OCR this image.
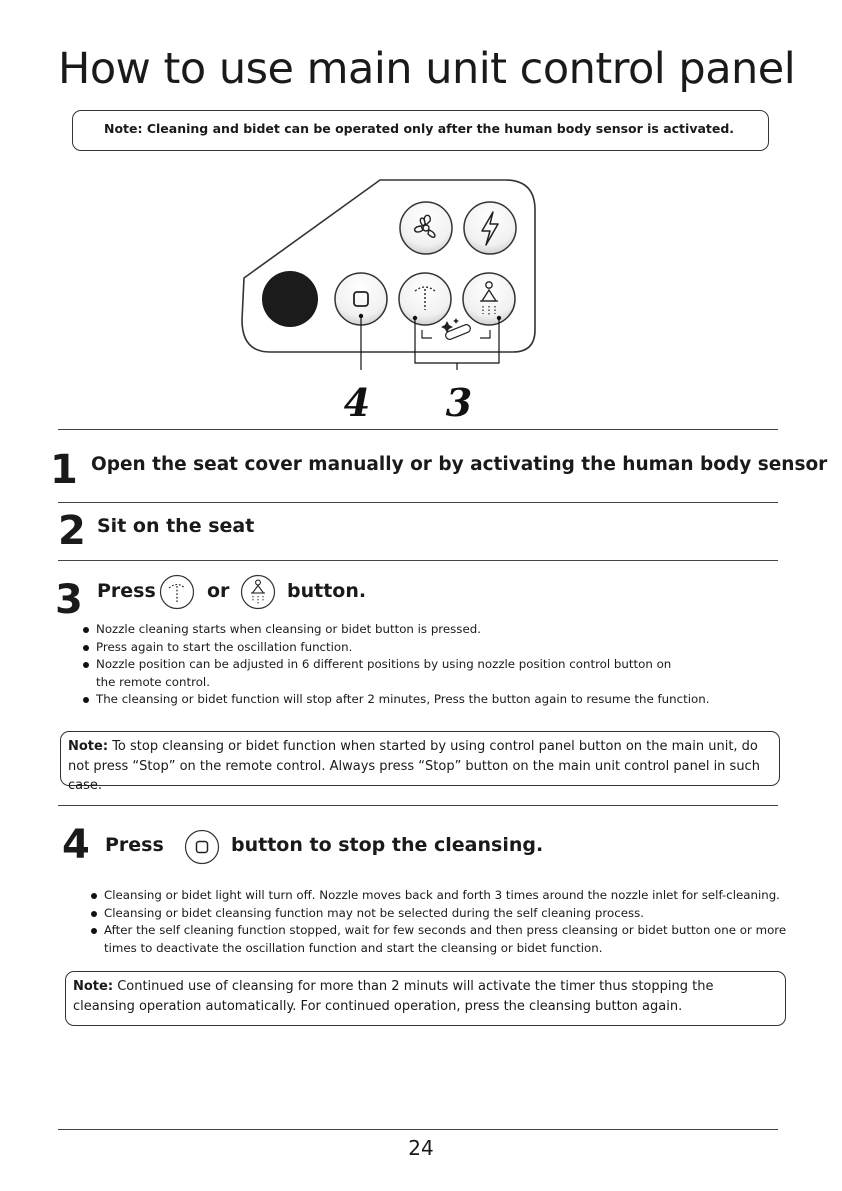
How to use main unit control panel
Note: Cleaning and bidet can be operated only after the human body sensor is activated.
4 3
1 Open the seat cover manually or by activating the human body sensor
2 Sit on the seat
3 Press	or	button.
Nozzle cleaning starts when cleansing or bidet button is pressed.
Press again to start the oscillation function.
Nozzle position can be adjusted in 6 different positions by using nozzle position control button on the remote control.
The cleansing or bidet function will stop after 2 minutes, Press the button again to resume the function.
Note: To stop cleansing or bidet function when started by using control panel button on the main unit, do not press “Stop” on the remote control. Always press “Stop” button on the main unit control panel in such case.
4 Press	button to stop the cleansing.
Cleansing or bidet light will turn off. Nozzle moves back and forth 3 times around the nozzle inlet for self-cleaning.
Cleansing or bidet cleansing function may not be selected during the self cleaning process.
After the self cleaning function stopped, wait for few seconds and then press cleansing or bidet button one or more times to deactivate the oscillation function and start the cleansing or bidet function.
Note: Continued use of cleansing for more than 2 minuts will activate the timer thus stopping the cleansing operation automatically. For continued operation, press the cleansing button again.
24
